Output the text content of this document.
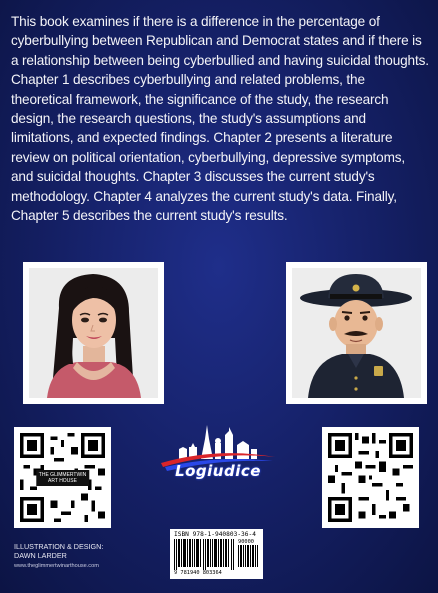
This book examines if there is a difference in the percentage of cyberbullying between Republican and Democrat states and if there is a relationship between being cyberbullied and having suicidal thoughts. Chapter 1 describes cyberbullying and related problems, the theoretical framework, the significance of the study, the research design, the research questions, the study's assumptions and limitations, and expected findings. Chapter 2 presents a literature review on political orientation, cyberbullying, depressive symptoms, and suicidal thoughts. Chapter 3 discusses the current study's methodology. Chapter 4 analyzes the current study's data. Finally, Chapter 5 describes the current study's results.

THE GLIMMERTWIN
ART HOUSE
Logiudice
ILLUSTRATION & DESIGN:
DAWN LARDER
www.theglimmertwinarthouse.com
ISBN 978-1-940803-36-4
90000
9 781940 803364
